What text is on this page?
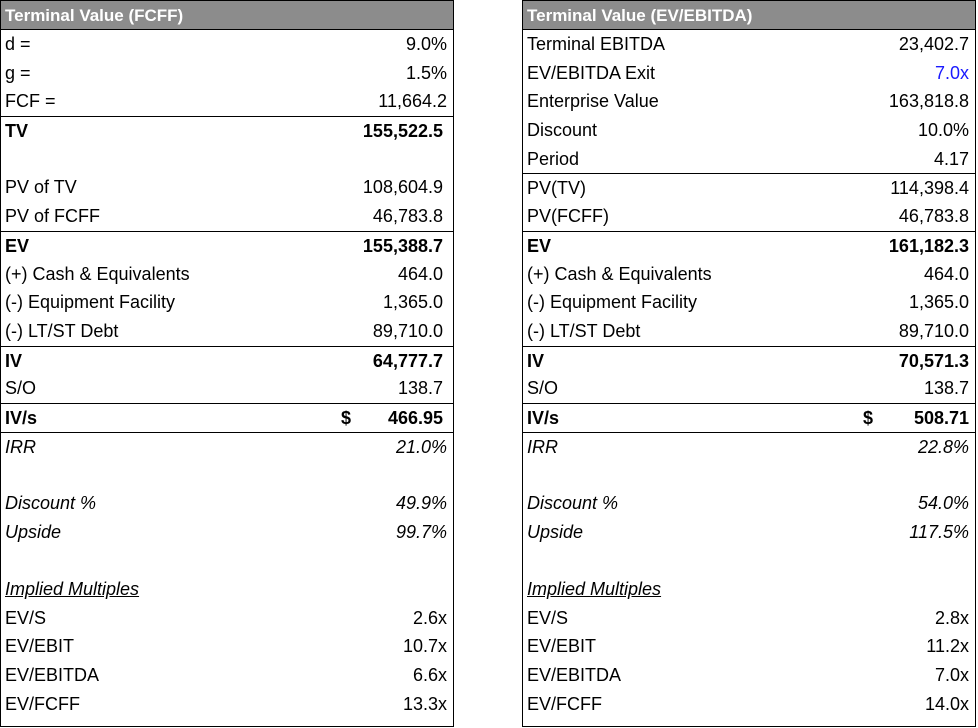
Terminal Value (FCFF)
d =	9.0%
g =	1.5%
FCF =	11,664.2
TV	155,522.5
PV of TV	108,604.9
PV of FCFF	46,783.8
EV	155,388.7
(+) Cash & Equivalents	464.0
(-) Equipment Facility	1,365.0
(-) LT/ST Debt	89,710.0
IV	64,777.7
S/O	138.7
IV/s	$ 466.95
IRR	21.0%
Discount %	49.9%
Upside	99.7%
Implied Multiples
EV/S	2.6x
EV/EBIT	10.7x
EV/EBITDA	6.6x
EV/FCFF	13.3x
Terminal Value (EV/EBITDA)
Terminal EBITDA	23,402.7
EV/EBITDA Exit	7.0x
Enterprise Value	163,818.8
Discount	10.0%
Period	4.17
PV(TV)	114,398.4
PV(FCFF)	46,783.8
EV	161,182.3
(+) Cash & Equivalents	464.0
(-) Equipment Facility	1,365.0
(-) LT/ST Debt	89,710.0
IV	70,571.3
S/O	138.7
IV/s	$ 508.71
IRR	22.8%
Discount %	54.0%
Upside	117.5%
Implied Multiples
EV/S	2.8x
EV/EBIT	11.2x
EV/EBITDA	7.0x
EV/FCFF	14.0x
